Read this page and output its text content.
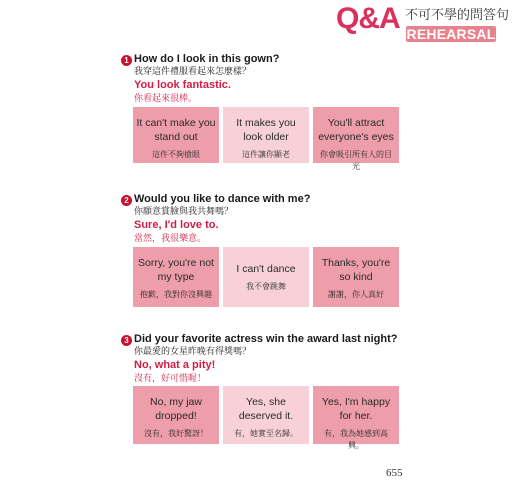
Q&A 不可不學的問答句
REHEARSAL
1 How do I look in this gown?
我穿這件禮服看起來怎麼樣？
You look fantastic.
你看起來很棒。
It can't make you stand out
這件不夠搶眼
It makes you look older
這件讓你顯老
You'll attract everyone's eyes
你會吸引所有人的目光
2 Would you like to dance with me?
你願意賞臉與我共舞嗎？
Sure, I'd love to.
當然，我很樂意。
Sorry, you're not my type
抱歉，我對你沒興趣
I can't dance
我不會跳舞
Thanks, you're so kind
謝謝，你人真好
3 Did your favorite actress win the award last night?
你最愛的女星昨晚有得獎嗎？
No, what a pity!
沒有，好可惜喔！
No, my jaw dropped!
沒有，我好驚訝！
Yes, she deserved it.
有，她實至名歸。
Yes, I'm happy for her.
有，我為她感到高興。
655
